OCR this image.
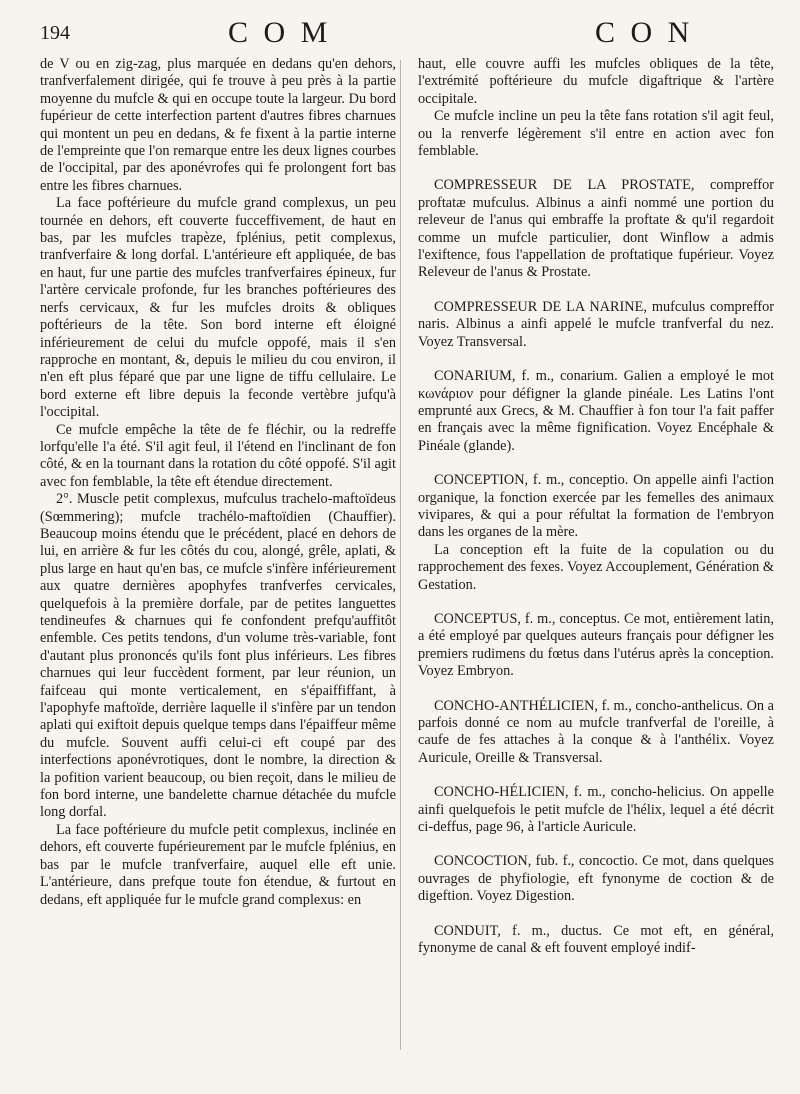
194	C O M	C O N

de V ou en zig-zag, plus marquée en dedans qu'en dehors, tranfverfalement dirigée, qui fe trouve à peu près à la partie moyenne du mufcle & qui en occupe toute la largeur. Du bord fupérieur de cette interfection partent d'autres fibres charnues qui montent un peu en dedans, & fe fixent à la partie interne de l'empreinte que l'on remarque entre les deux lignes courbes de l'occipital, par des aponévrofes qui fe prolongent fort bas entre les fibres charnues.

La face poftérieure du mufcle grand complexus, un peu tournée en dehors, eft couverte fucceffivement, de haut en bas, par les mufcles trapèze, fplénius, petit complexus, tranfverfaire & long dorfal. L'antérieure eft appliquée, de bas en haut, fur une partie des mufcles tranfverfaires épineux, fur l'artère cervicale profonde, fur les branches poftérieures des nerfs cervicaux, & fur les mufcles droits & obliques poftérieurs de la tête. Son bord interne eft éloigné inférieurement de celui du mufcle oppofé, mais il s'en rapproche en montant, &, depuis le milieu du cou environ, il n'en eft plus féparé que par une ligne de tiffu cellulaire. Le bord externe eft libre depuis la feconde vertèbre jufqu'à l'occipital.

Ce mufcle empêche la tête de fe fléchir, ou la redreffe lorfqu'elle l'a été. S'il agit feul, il l'étend en l'inclinant de fon côté, & en la tournant dans la rotation du côté oppofé. S'il agit avec fon femblable, la tête eft étendue directement.

2°. Muscle petit complexus, mufculus trachelo-maftoïdeus (Sœmmering); mufcle trachélo-maftoïdien (Chauffier). Beaucoup moins étendu que le précédent, placé en dehors de lui, en arrière & fur les côtés du cou, alongé, grêle, aplati, & plus large en haut qu'en bas, ce mufcle s'infère inférieurement aux quatre dernières apophyfes tranfverfes cervicales, quelquefois à la première dorfale, par de petites languettes tendineufes & charnues qui fe confondent prefqu'auffitôt enfemble. Ces petits tendons, d'un volume très-variable, font d'autant plus prononcés qu'ils font plus inférieurs. Les fibres charnues qui leur fuccèdent forment, par leur réunion, un faifceau qui monte verticalement, en s'épaiffiffant, à l'apophyfe maftoïde, derrière laquelle il s'infère par un tendon aplati qui exiftoit depuis quelque temps dans l'épaiffeur même du mufcle. Souvent auffi celui-ci eft coupé par des interfections aponévrotiques, dont le nombre, la direction & la pofition varient beaucoup, ou bien reçoit, dans le milieu de fon bord interne, une bandelette charnue détachée du mufcle long dorfal.

La face poftérieure du mufcle petit complexus, inclinée en dehors, eft couverte fupérieurement par le mufcle fplénius, en bas par le mufcle tranfverfaire, auquel elle eft unie. L'antérieure, dans prefque toute fon étendue, & furtout en dedans, eft appliquée fur le mufcle grand complexus: en

haut, elle couvre auffi les mufcles obliques de la tête, l'extrémité poftérieure du mufcle digaftrique & l'artère occipitale.

Ce mufcle incline un peu la tête fans rotation s'il agit feul, ou la renverfe légèrement s'il entre en action avec fon femblable.

COMPRESSEUR DE LA PROSTATE, compreffor proftatæ mufculus. Albinus a ainfi nommé une portion du releveur de l'anus qui embraffe la proftate & qu'il regardoit comme un mufcle particulier, dont Winflow a admis l'exiftence, fous l'appellation de proftatique fupérieur. Voyez Releveur de l'anus & Prostate.

COMPRESSEUR DE LA NARINE, mufculus compreffor naris. Albinus a ainfi appelé le mufcle tranfverfal du nez. Voyez Transversal.

CONARIUM, f. m., conarium. Galien a employé le mot κωνάριον pour défigner la glande pinéale. Les Latins l'ont emprunté aux Grecs, & M. Chauffier à fon tour l'a fait paffer en français avec la même fignification. Voyez Encéphale & Pinéale (glande).

CONCEPTION, f. m., conceptio. On appelle ainfi l'action organique, la fonction exercée par les femelles des animaux vivipares, & qui a pour réfultat la formation de l'embryon dans les organes de la mère.

La conception eft la fuite de la copulation ou du rapprochement des fexes. Voyez Accouplement, Génération & Gestation.

CONCEPTUS, f. m., conceptus. Ce mot, entièrement latin, a été employé par quelques auteurs français pour défigner les premiers rudimens du fœtus dans l'utérus après la conception. Voyez Embryon.

CONCHO-ANTHÉLICIEN, f. m., concho-anthelicus. On a parfois donné ce nom au mufcle tranfverfal de l'oreille, à caufe de fes attaches à la conque & à l'anthélix. Voyez Auricule, Oreille & Transversal.

CONCHO-HÉLICIEN, f. m., concho-helicius. On appelle ainfi quelquefois le petit mufcle de l'hélix, lequel a été décrit ci-deffus, page 96, à l'article Auricule.

CONCOCTION, fub. f., concoctio. Ce mot, dans quelques ouvrages de phyfiologie, eft fynonyme de coction & de digeftion. Voyez Digestion.

CONDUIT, f. m., ductus. Ce mot eft, en général, fynonyme de canal & eft fouvent employé indif-
